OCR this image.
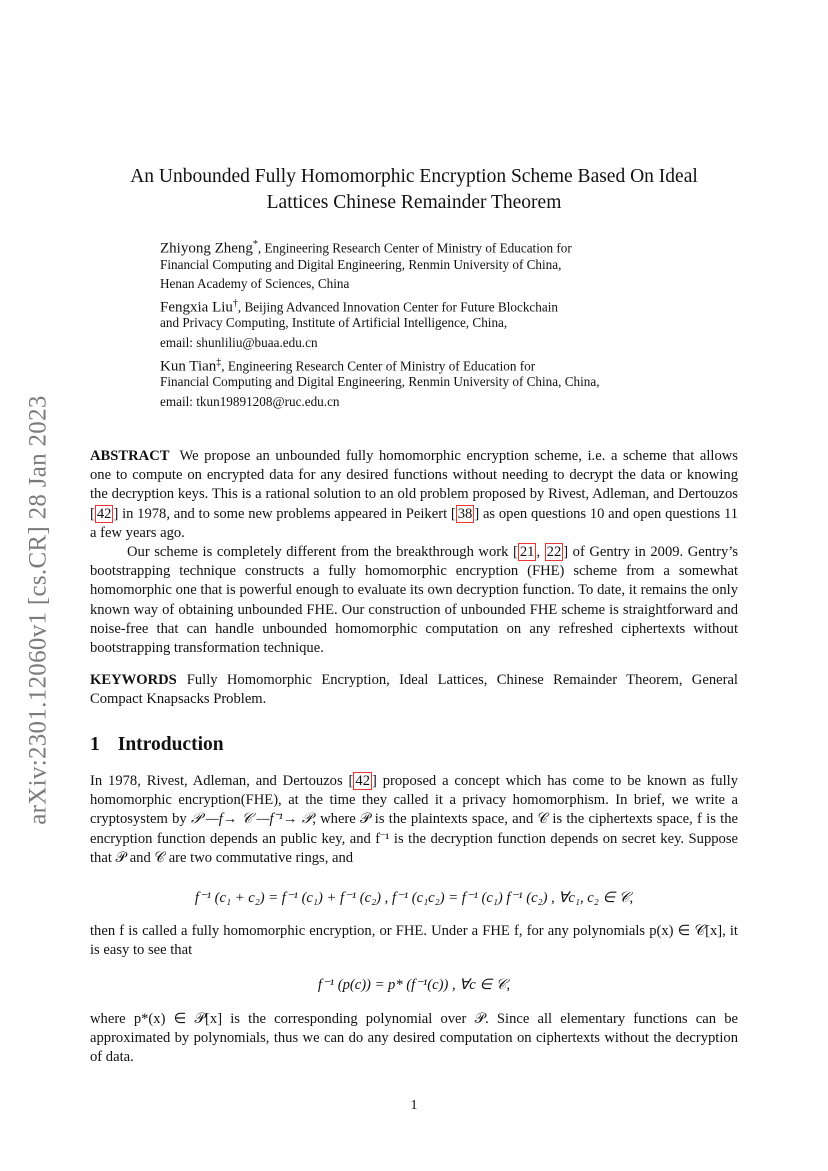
arXiv:2301.12060v1 [cs.CR] 28 Jan 2023
An Unbounded Fully Homomorphic Encryption Scheme Based On Ideal
Lattices Chinese Remainder Theorem
Zhiyong Zheng*, Engineering Research Center of Ministry of Education for
Financial Computing and Digital Engineering, Renmin University of China,
Henan Academy of Sciences, China
Fengxia Liu†, Beijing Advanced Innovation Center for Future Blockchain
and Privacy Computing, Institute of Artificial Intelligence, China,
email: shunliliu@buaa.edu.cn
Kun Tian‡, Engineering Research Center of Ministry of Education for
Financial Computing and Digital Engineering, Renmin University of China, China,
email: tkun19891208@ruc.edu.cn

ABSTRACT We propose an unbounded fully homomorphic encryption scheme, i.e. a scheme that allows one to compute on encrypted data for any desired functions without needing to decrypt the data or knowing the decryption keys. This is a rational solution to an old problem proposed by Rivest, Adleman, and Dertouzos [ 42 ] in 1978, and to some new problems appeared in Peikert [ 38 ] as open questions 10 and open questions 11 a few years ago.

Our scheme is completely different from the breakthrough work [ 21 , 22 ] of Gentry in 2009. Gentry’s bootstrapping technique constructs a fully homomorphic encryption (FHE) scheme from a somewhat homomorphic one that is powerful enough to evaluate its own decryption function. To date, it remains the only known way of obtaining unbounded FHE. Our construction of unbounded FHE scheme is straightforward and noise-free that can handle unbounded homomorphic computation on any refreshed ciphertexts without bootstrapping transformation technique.

KEYWORDS Fully Homomorphic Encryption, Ideal Lattices, Chinese Remainder Theorem, General Compact Knapsacks Problem.

1 Introduction

In 1978, Rivest, Adleman, and Dertouzos [ 42 ] proposed a concept which has come to be known as fully homomorphic encryption(FHE), at the time they called it a privacy homomorphism. In brief, we write a cryptosystem by 𝒫 —f→ 𝒞 —f⁻¹→ 𝒫, where 𝒫 is the plaintexts space, and 𝒞 is the ciphertexts space, f is the encryption function depends an public key, and f⁻¹ is the decryption function depends on secret key. Suppose that 𝒫 and 𝒞 are two commutative rings, and

f⁻¹ (c₁ + c₂) = f⁻¹ (c₁) + f⁻¹ (c₂) , f⁻¹ (c₁c₂) = f⁻¹ (c₁) f⁻¹ (c₂) , ∀c₁, c₂ ∈ 𝒞,

then f is called a fully homomorphic encryption, or FHE. Under a FHE f, for any polynomials p(x) ∈ 𝒞[x], it is easy to see that

f⁻¹ (p(c)) = p* (f⁻¹(c)) , ∀c ∈ 𝒞,

where p*(x) ∈ 𝒫[x] is the corresponding polynomial over 𝒫. Since all elementary functions can be approximated by polynomials, thus we can do any desired computation on ciphertexts without the decryption of data.

1
